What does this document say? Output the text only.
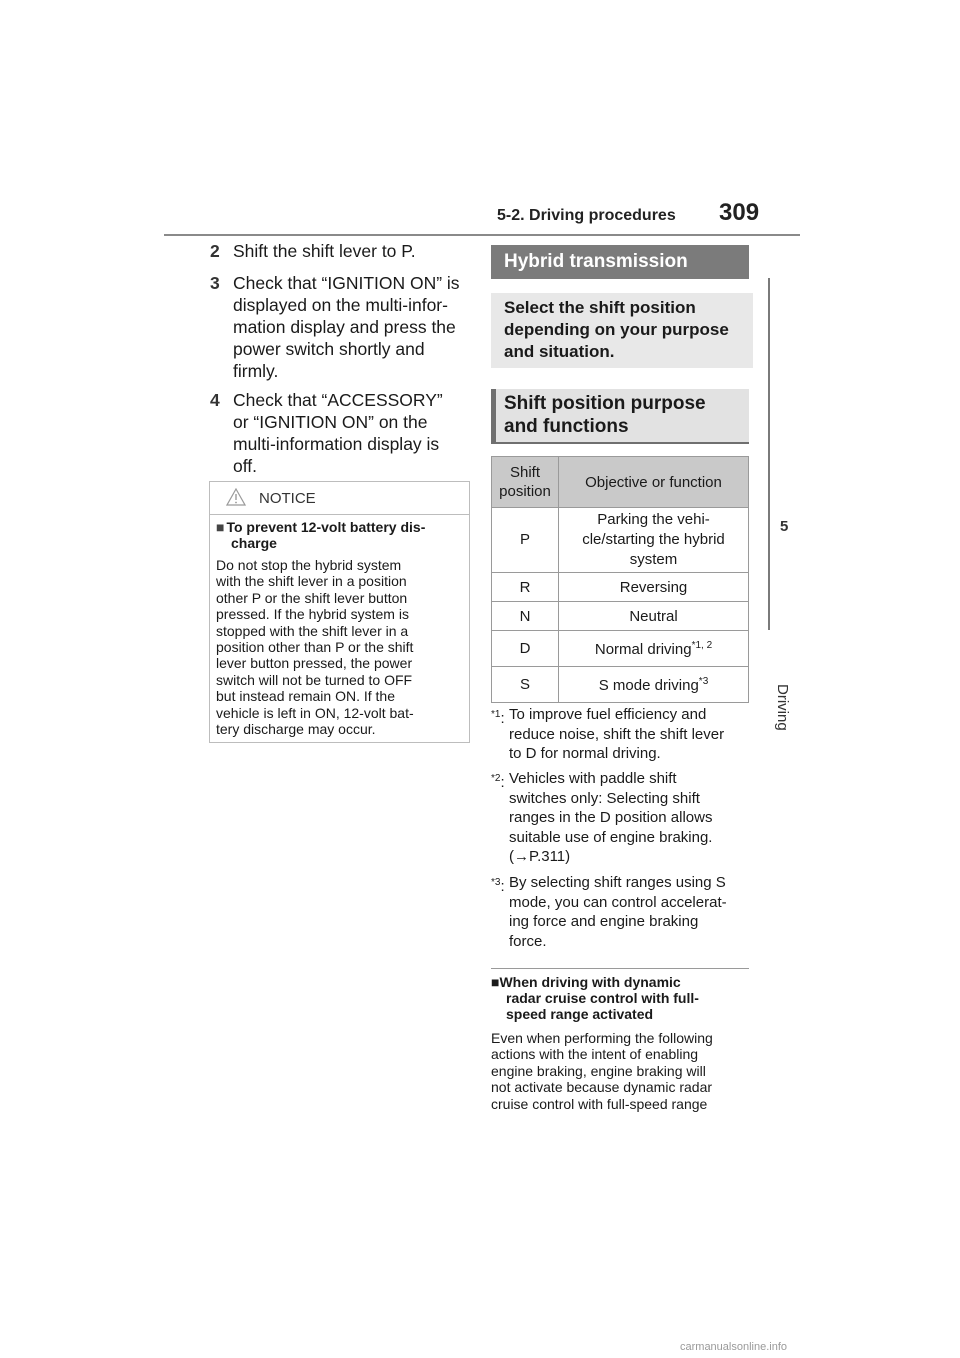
5-2. Driving procedures 309
5
Driving
2 Shift the shift lever to P.
3 Check that “IGNITION ON” is
displayed on the multi-infor-
mation display and press the
power switch shortly and
firmly.
4 Check that “ACCESSORY”
or “IGNITION ON” on the
multi-information display is
off.
NOTICE
■ To prevent 12-volt battery dis-
charge
Do not stop the hybrid system
with the shift lever in a position
other P or the shift lever button
pressed. If the hybrid system is
stopped with the shift lever in a
position other than P or the shift
lever button pressed, the power
switch will not be turned to OFF
but instead remain ON. If the
vehicle is left in ON, 12-volt bat-
tery discharge may occur.
Hybrid transmission
Select the shift position
depending on your purpose
and situation.
Shift position purpose
and functions
Shift
position	Objective or function
P	Parking the vehi-
cle/starting the hybrid
system

R	Reversing
N	Neutral
D	Normal driving$^{*1, 2}$
S	S mode driving$^{*3}$
$^{*1}$: To improve fuel efficiency and
reduce noise, shift the shift lever
to D for normal driving.
$^{*2}$: Vehicles with paddle shift
switches only: Selecting shift
ranges in the D position allows
suitable use of engine braking.
(→P.311)
$^{*3}$: By selecting shift ranges using S
mode, you can control accelerat-
ing force and engine braking
force.
■When driving with dynamic
radar cruise control with full-
speed range activated
Even when performing the following
actions with the intent of enabling
engine braking, engine braking will
not activate because dynamic radar
cruise control with full-speed range
carmanualsonline.info
